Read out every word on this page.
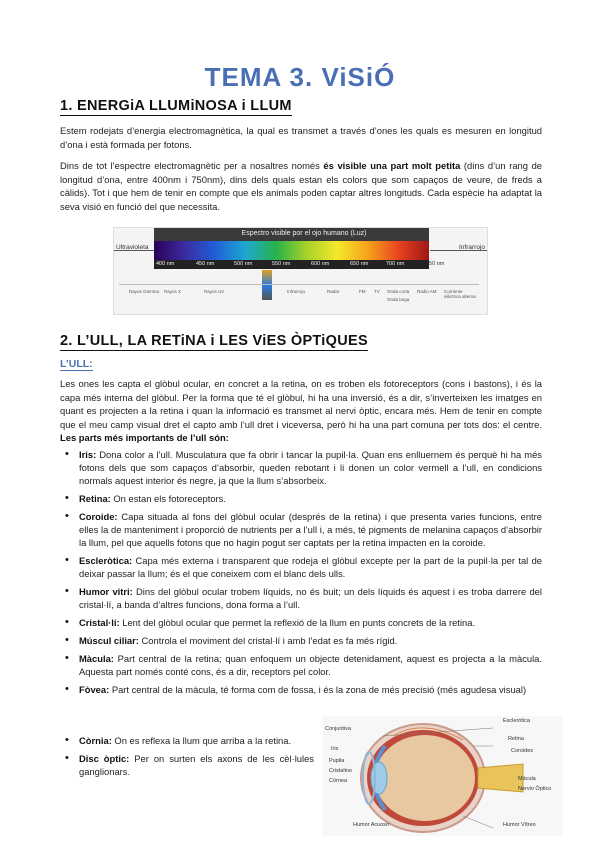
TEMA 3. ViSiÓ
1. ENERGiA LLUMiNOSA i LLUM
Estem rodejats d’energia electromagnètica, la qual es transmet a través d’ones les quals es mesuren en longitud d’ona i està formada per fotons.
Dins de tot l’espectre electromagnètic per a nosaltres només és visible una part molt petita (dins d’un rang de longitud d’ona, entre 400nm i 750nm), dins dels quals estan els colors que som capaços de veure, de freds a càlids). Tot i que hem de tenir en compte que els animals poden captar altres longituds. Cada espècie ha adaptat la seva visió en funció del que necessita.
Espectro visible por el ojo humano (Luz)
Ultravioleta	Infrarrojo
400 nm	450 nm	500 nm	550 nm	600 nm	650 nm	700 nm	750 nm
Rayos Gamma Rayos X	Rayos UV	Infrarrojo	Radar	FM TV Onda corta
Onda larga
Radio AM Corriente eléctrica alterna
2. L’ULL, LA RETiNA i LES ViES ÒPTiQUES
L’ULL:
Les ones les capta el glòbul ocular, en concret a la retina, on es troben els fotoreceptors (cons i bastons), i és la capa més interna del glòbul. Per la forma que té el glòbul, hi ha una inversió, és a dir, s’inverteixen les imatges en quant es projecten a la retina i quan la informació es transmet al nervi òptic, encara més. Hem de tenir en compte que el meu camp visual dret el capto amb l’ull dret i viceversa, però hi ha una part comuna per tots dos: el centre. Les parts més importants de l’ull són:
• Iris: Dona color a l’ull. Musculatura que fa obrir i tancar la pupil·la. Quan ens enlluernem és perquè hi ha més fotons dels que som capaços d’absorbir, queden rebotant i li donen un color vermell a l’ull, en condicions normals aquest interior és negre, ja que la llum s’absorbeix.
• Retina: On estan els fotoreceptors.
• Coroide: Capa situada al fons del glòbul ocular (després de la retina) i que presenta varies funcions, entre elles la de manteniment i proporció de nutrients per a l’ull i, a més, té pigments de melanina capaços d’absorbir la llum, pel que aquells fotons que no hagin pogut ser captats per la retina impacten en la coroide.
• Escleròtica: Capa més externa i transparent que rodeja el glòbul excepte per la part de la pupil·la per tal de deixar passar la llum; és el que coneixem com el blanc dels ulls.
• Humor vitri: Dins del glòbul ocular trobem líquids, no és buit; un dels líquids és aquest i es troba darrere del cristal·lí, a banda d’altres funcions, dona forma a l’ull.
• Cristal·lí: Lent del glòbul ocular que permet la reflexió de la llum en punts concrets de la retina.
• Múscul ciliar: Controla el moviment del cristal·lí i amb l’edat es fa més rígid.
• Màcula: Part central de la retina; quan enfoquem un objecte detenidament, aquest es projecta a la màcula. Aquesta part només conté cons, és a dir, receptors pel color.
• Fòvea: Part central de la màcula, té forma com de fossa, i és la zona de més precisió (més agudesa visual)
• Còrnia: On es reflexa la llum que arriba a la retina.
• Disc òptic: Per on surten els axons de les cèl·lules ganglionars.
Esclerótica
Conjuntiva
Iris
Retina
Coroides
Pupila
Cristalino
Córnea	Mácula
Nervio Óptico
Humor Acuoso	Humor Vítreo
